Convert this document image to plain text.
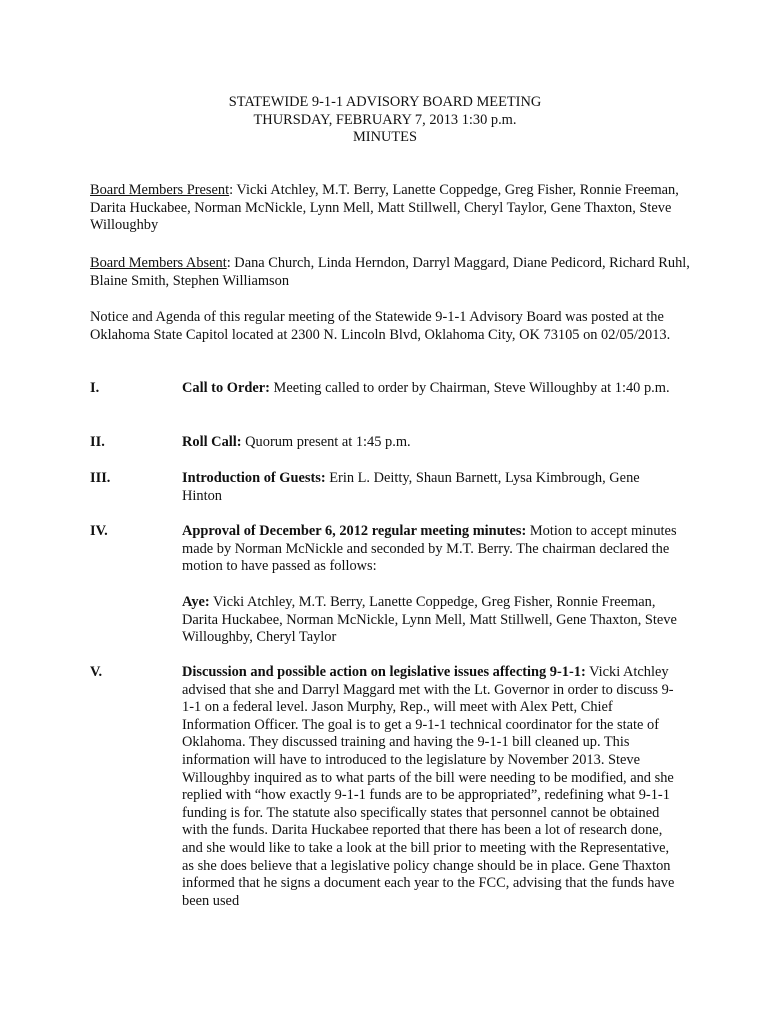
STATEWIDE 9-1-1 ADVISORY BOARD MEETING
THURSDAY, FEBRUARY 7, 2013 1:30 p.m.
MINUTES
Board Members Present: Vicki Atchley, M.T. Berry, Lanette Coppedge, Greg Fisher, Ronnie Freeman, Darita Huckabee, Norman McNickle, Lynn Mell, Matt Stillwell, Cheryl Taylor, Gene Thaxton, Steve Willoughby
Board Members Absent: Dana Church, Linda Herndon, Darryl Maggard, Diane Pedicord, Richard Ruhl, Blaine Smith, Stephen Williamson
Notice and Agenda of this regular meeting of the Statewide 9-1-1 Advisory Board was posted at the Oklahoma State Capitol located at 2300 N. Lincoln Blvd, Oklahoma City, OK 73105 on 02/05/2013.
I.	Call to Order: Meeting called to order by Chairman, Steve Willoughby at 1:40 p.m.
II.	Roll Call: Quorum present at 1:45 p.m.
III.	Introduction of Guests: Erin L. Deitty, Shaun Barnett, Lysa Kimbrough, Gene Hinton
IV.	Approval of December 6, 2012 regular meeting minutes: Motion to accept minutes made by Norman McNickle and seconded by M.T. Berry. The chairman declared the motion to have passed as follows:
Aye: Vicki Atchley, M.T. Berry, Lanette Coppedge, Greg Fisher, Ronnie Freeman, Darita Huckabee, Norman McNickle, Lynn Mell, Matt Stillwell, Gene Thaxton, Steve Willoughby, Cheryl Taylor
V.	Discussion and possible action on legislative issues affecting 9-1-1: Vicki Atchley advised that she and Darryl Maggard met with the Lt. Governor in order to discuss 9-1-1 on a federal level. Jason Murphy, Rep., will meet with Alex Pett, Chief Information Officer. The goal is to get a 9-1-1 technical coordinator for the state of Oklahoma. They discussed training and having the 9-1-1 bill cleaned up. This information will have to introduced to the legislature by November 2013. Steve Willoughby inquired as to what parts of the bill were needing to be modified, and she replied with “how exactly 9-1-1 funds are to be appropriated”, redefining what 9-1-1 funding is for. The statute also specifically states that personnel cannot be obtained with the funds. Darita Huckabee reported that there has been a lot of research done, and she would like to take a look at the bill prior to meeting with the Representative, as she does believe that a legislative policy change should be in place. Gene Thaxton informed that he signs a document each year to the FCC, advising that the funds have been used
